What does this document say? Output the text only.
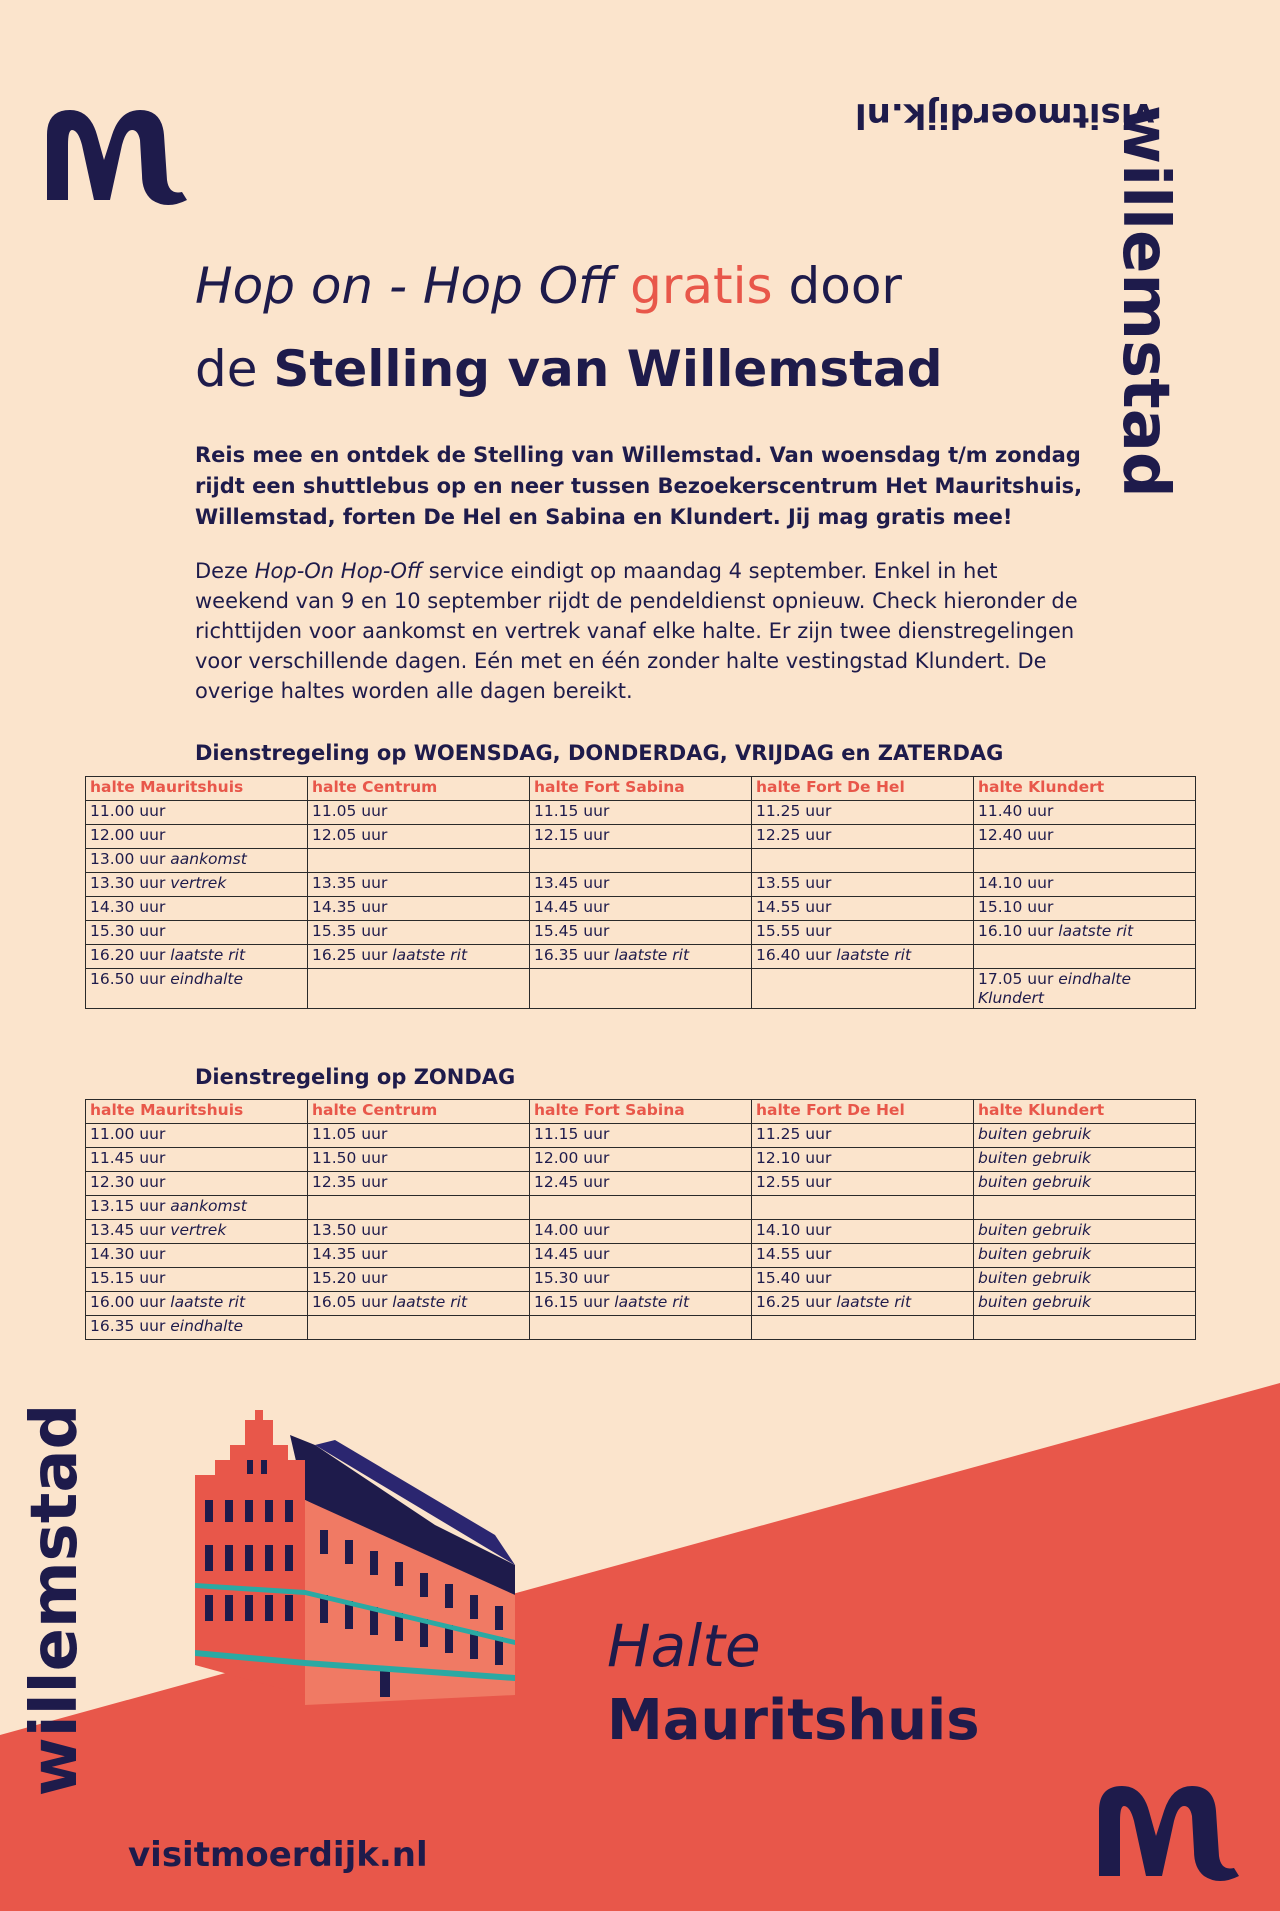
visitmoerdijk.nl
willemstad
Hop on - Hop Off gratis door
de Stelling van Willemstad
Reis mee en ontdek de Stelling van Willemstad. Van woensdag t/m zondag rijdt een shuttlebus op en neer tussen Bezoekerscentrum Het Mauritshuis, Willemstad, forten De Hel en Sabina en Klundert. Jij mag gratis mee!
Deze Hop-On Hop-Off service eindigt op maandag 4 september. Enkel in het weekend van 9 en 10 september rijdt de pendeldienst opnieuw. Check hieronder de richttijden voor aankomst en vertrek vanaf elke halte. Er zijn twee dienstregelingen voor verschillende dagen. Eén met en één zonder halte vestingstad Klundert. De overige haltes worden alle dagen bereikt.
Dienstregeling op WOENSDAG, DONDERDAG, VRIJDAG en ZATERDAG
halte Mauritshuis	halte Centrum	halte Fort Sabina	halte Fort De Hel	halte Klundert
11.00 uur	11.05 uur	11.15 uur	11.25 uur	11.40 uur
12.00 uur	12.05 uur	12.15 uur	12.25 uur	12.40 uur
13.00 uur aankomst				
13.30 uur vertrek	13.35 uur	13.45 uur	13.55 uur	14.10 uur
14.30 uur	14.35 uur	14.45 uur	14.55 uur	15.10 uur
15.30 uur	15.35 uur	15.45 uur	15.55 uur	16.10 uur laatste rit
16.20 uur laatste rit	16.25 uur laatste rit	16.35 uur laatste rit	16.40 uur laatste rit	
16.50 uur eindhalte				17.05 uur eindhalte Klundert
Dienstregeling op ZONDAG
halte Mauritshuis	halte Centrum	halte Fort Sabina	halte Fort De Hel	halte Klundert
11.00 uur	11.05 uur	11.15 uur	11.25 uur	buiten gebruik
11.45 uur	11.50 uur	12.00 uur	12.10 uur	buiten gebruik
12.30 uur	12.35 uur	12.45 uur	12.55 uur	buiten gebruik
13.15 uur aankomst				
13.45 uur vertrek	13.50 uur	14.00 uur	14.10 uur	buiten gebruik
14.30 uur	14.35 uur	14.45 uur	14.55 uur	buiten gebruik
15.15 uur	15.20 uur	15.30 uur	15.40 uur	buiten gebruik
16.00 uur laatste rit	16.05 uur laatste rit	16.15 uur laatste rit	16.25 uur laatste rit	buiten gebruik
16.35 uur eindhalte				
willemstad	Halte
Mauritshuis
visitmoerdijk.nl
